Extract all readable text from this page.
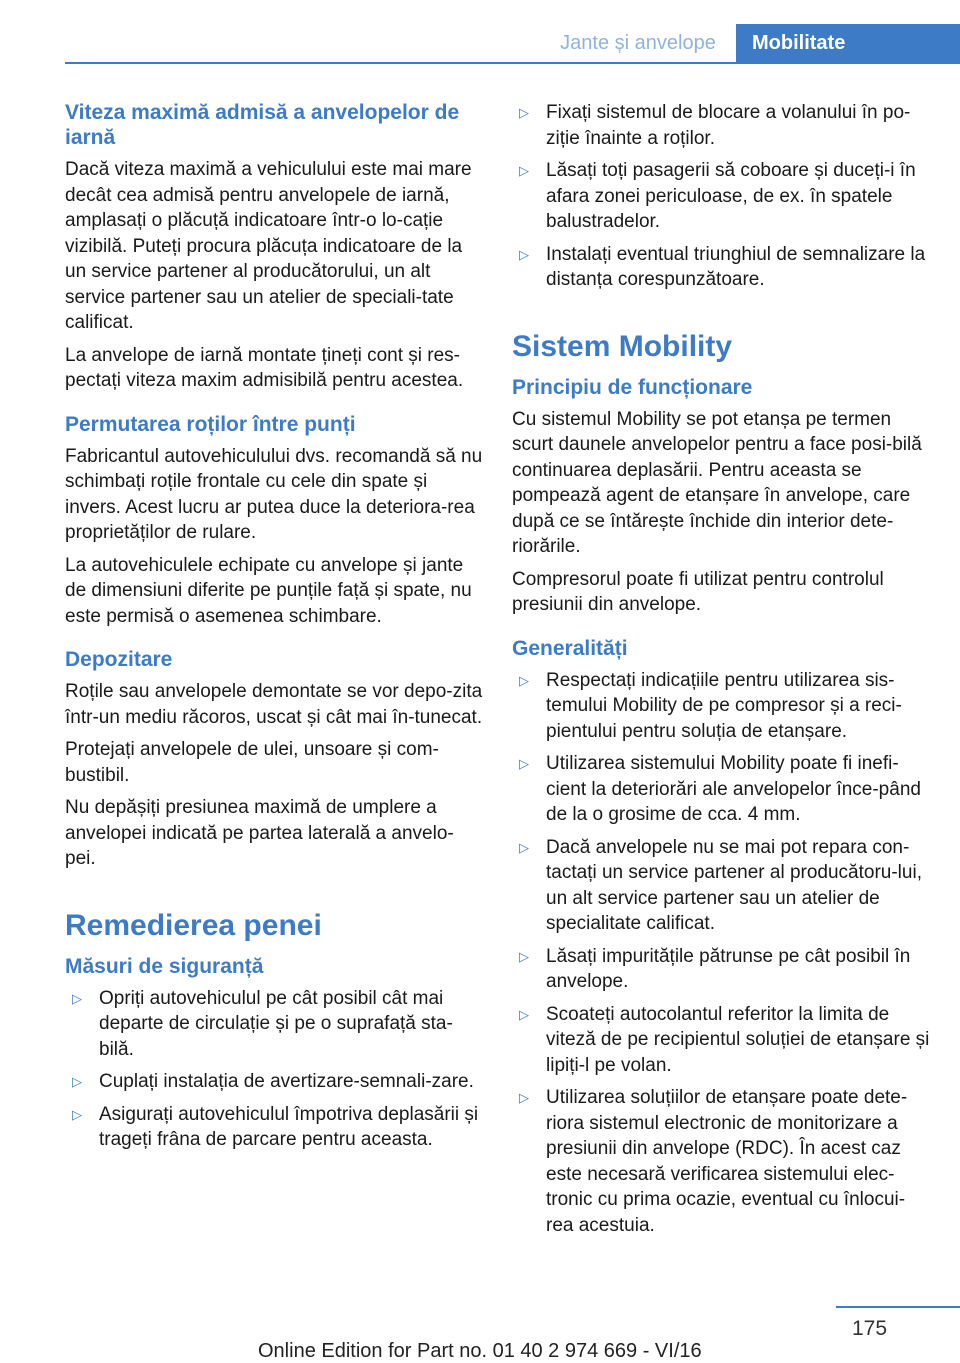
Jante și anvelope	Mobilitate
Viteza maximă admisă a anvelopelor de iarnă

Dacă viteza maximă a vehiculului este mai mare decât cea admisă pentru anvelopele de iarnă, amplasați o plăcuță indicatoare într-o lo-cație vizibilă. Puteți procura plăcuța indicatoare de la un service partener al producătorului, un alt service partener sau un atelier de speciali-tate calificat.

La anvelope de iarnă montate țineți cont și res-pectați viteza maxim admisibilă pentru acestea.

Permutarea roților între punți

Fabricantul autovehiculului dvs. recomandă să nu schimbați roțile frontale cu cele din spate și invers. Acest lucru ar putea duce la deteriora-rea proprietăților de rulare.

La autovehiculele echipate cu anvelope și jante de dimensiuni diferite pe punțile față și spate, nu este permisă o asemenea schimbare.

Depozitare

Roțile sau anvelopele demontate se vor depo-zita într-un mediu răcoros, uscat și cât mai în-tunecat.

Protejați anvelopele de ulei, unsoare și com-bustibil.

Nu depășiți presiunea maximă de umplere a anvelopei indicată pe partea laterală a anvelo-pei.

Remedierea penei
Măsuri de siguranță
▷ Opriți autovehiculul pe cât posibil cât mai departe de circulație și pe o suprafață sta-bilă.
▷ Cuplați instalația de avertizare-semnali-zare.
▷ Asigurați autovehiculul împotriva deplasării și trageți frâna de parcare pentru aceasta.
▷ Fixați sistemul de blocare a volanului în po-ziție înainte a roților.
▷ Lăsați toți pasagerii să coboare și duceți-i în afara zonei periculoase, de ex. în spatele balustradelor.
▷ Instalați eventual triunghiul de semnalizare la distanța corespunzătoare.
Sistem Mobility
Principiu de funcționare

Cu sistemul Mobility se pot etanșa pe termen scurt daunele anvelopelor pentru a face posi-bilă continuarea deplasării. Pentru aceasta se pompează agent de etanșare în anvelope, care după ce se întărește închide din interior dete-riorările.

Compresorul poate fi utilizat pentru controlul presiunii din anvelope.

Generalități
▷ Respectați indicațiile pentru utilizarea sis-temului Mobility de pe compresor și a reci-pientului pentru soluția de etanșare.
▷ Utilizarea sistemului Mobility poate fi inefi-cient la deteriorări ale anvelopelor înce-pând de la o grosime de cca. 4 mm.
▷ Dacă anvelopele nu se mai pot repara con-tactați un service partener al producătoru-lui, un alt service partener sau un atelier de specialitate calificat.
▷ Lăsați impuritățile pătrunse pe cât posibil în anvelope.
▷ Scoateți autocolantul referitor la limita de viteză de pe recipientul soluției de etanșare și lipiți-l pe volan.
▷ Utilizarea soluțiilor de etanșare poate dete-riora sistemul electronic de monitorizare a presiunii din anvelope (RDC). În acest caz este necesară verificarea sistemului elec-tronic cu prima ocazie, eventual cu înlocui-rea acestuia.
175
Online Edition for Part no. 01 40 2 974 669 - VI/16
